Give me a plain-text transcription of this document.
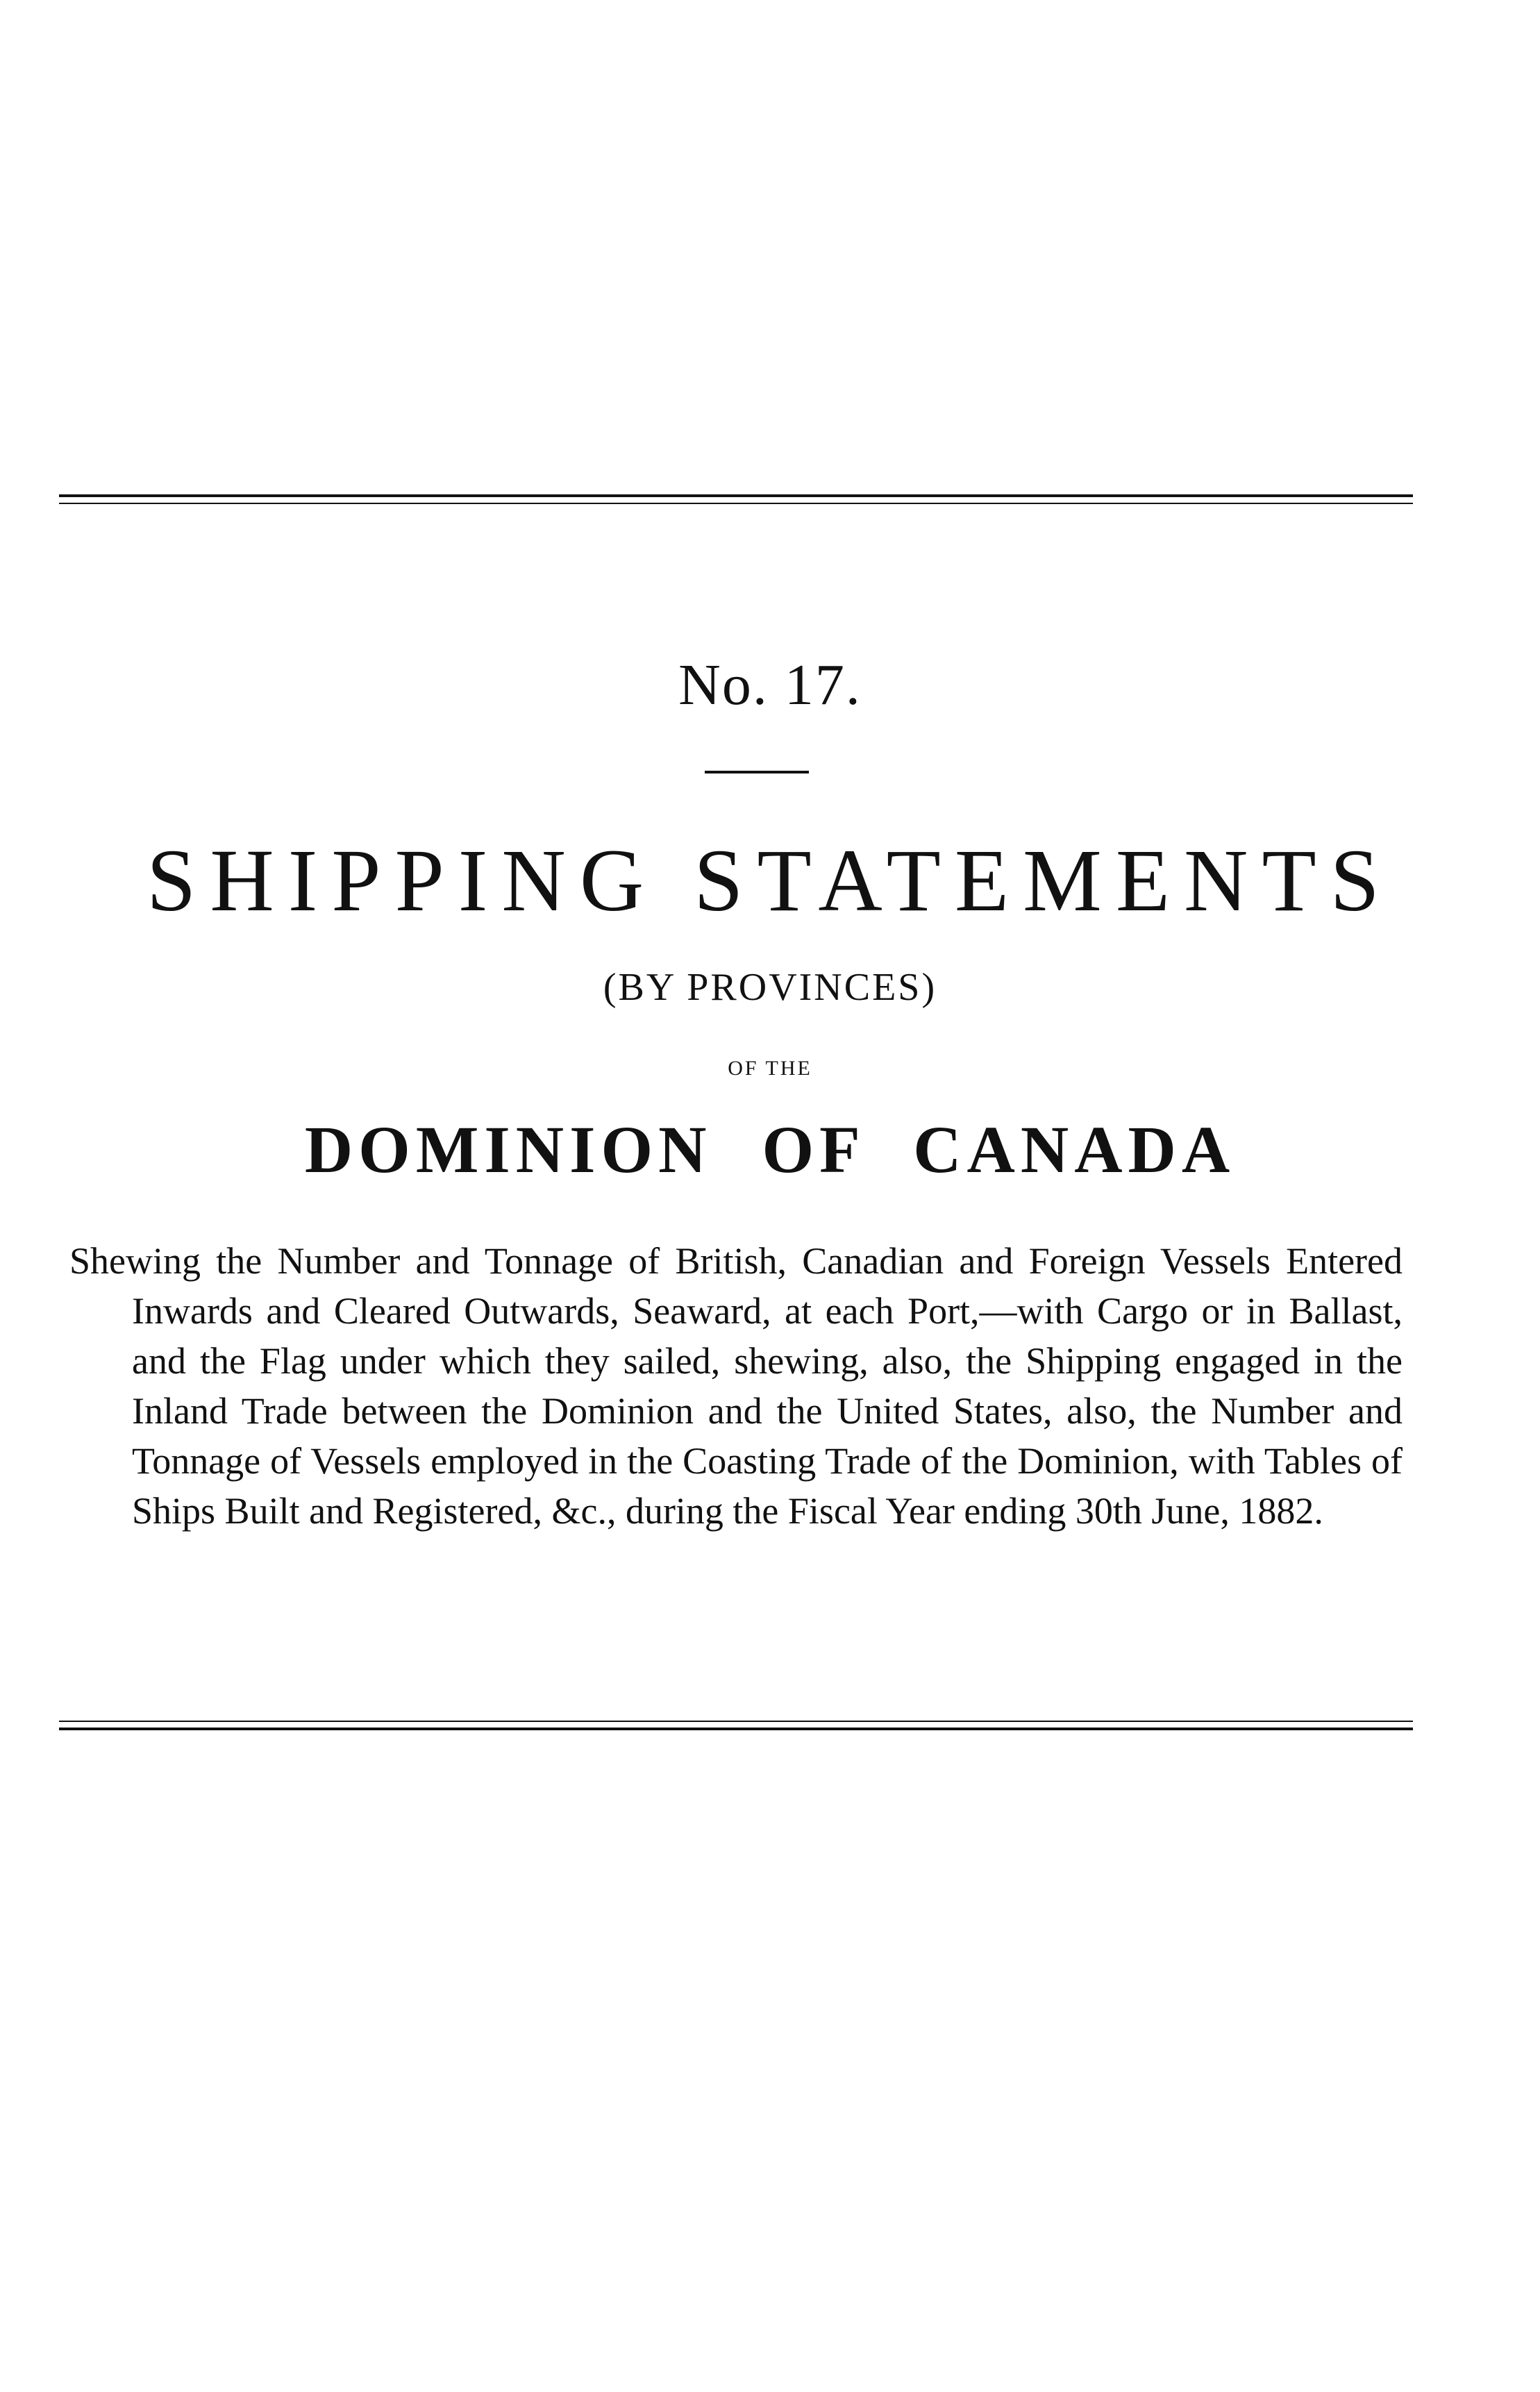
No. 17.
SHIPPING STATEMENTS
(BY PROVINCES)
OF THE
DOMINION OF CANADA
Shewing the Number and Tonnage of British, Canadian and Foreign Vessels Entered Inwards and Cleared Outwards, Seaward, at each Port,—with Cargo or in Ballast, and the Flag under which they sailed, shewing, also, the Shipping engaged in the Inland Trade between the Dominion and the United States, also, the Number and Tonnage of Vessels employed in the Coasting Trade of the Dominion, with Tables of Ships Built and Registered, &c., during the Fiscal Year ending 30th June, 1882.
